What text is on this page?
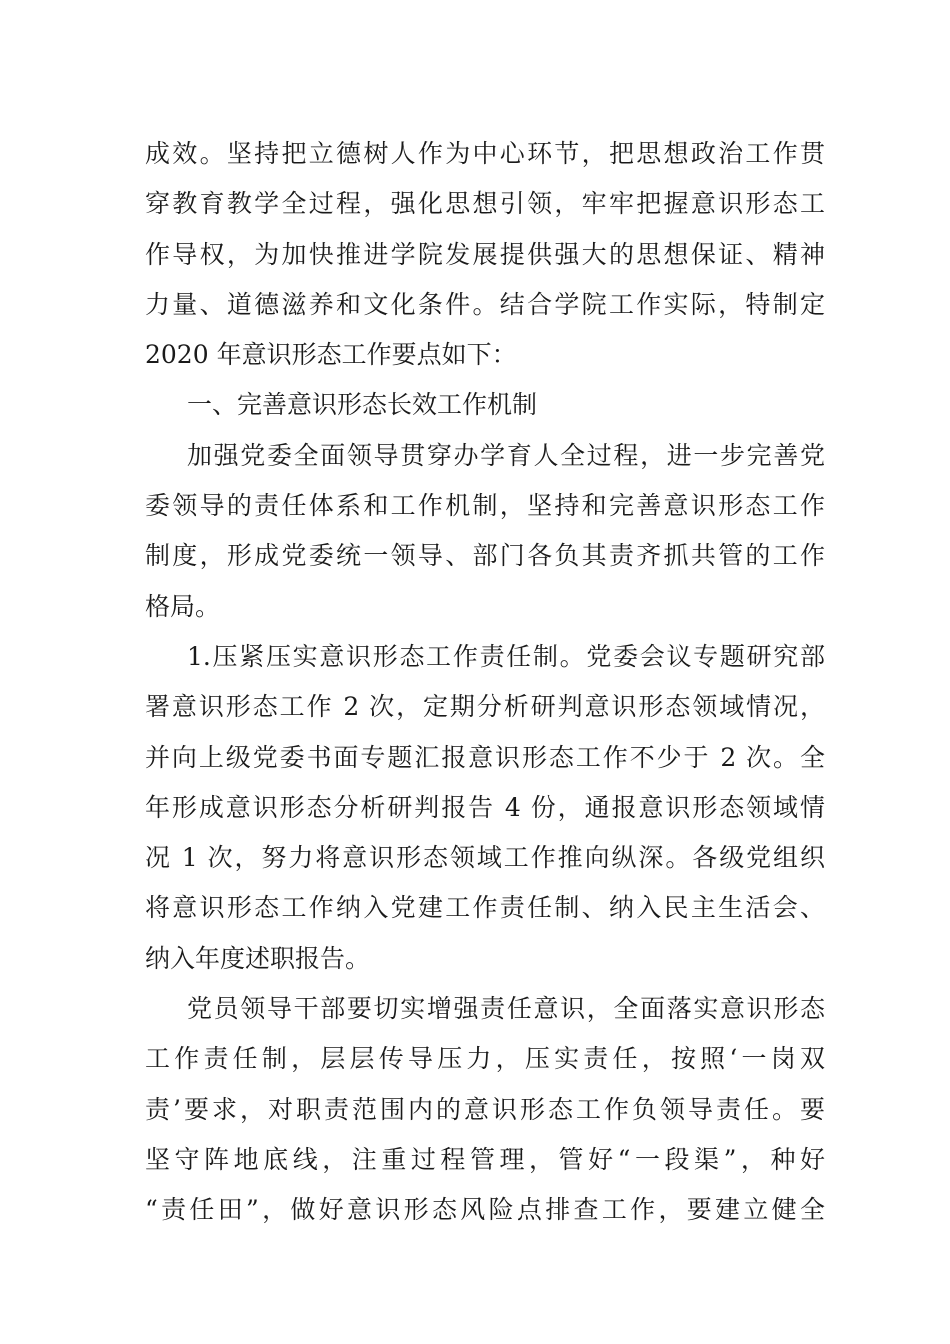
成效。坚持把立德树人作为中心环节，把思想政治工作贯
穿教育教学全过程，强化思想引领，牢牢把握意识形态工
作导权，为加快推进学院发展提供强大的思想保证、精神
力量、道德滋养和文化条件。结合学院工作实际，特制定
2020 年意识形态工作要点如下：
一、完善意识形态长效工作机制
加强党委全面领导贯穿办学育人全过程，进一步完善党
委领导的责任体系和工作机制，坚持和完善意识形态工作
制度，形成党委统一领导、部门各负其责齐抓共管的工作
格局。
1.压紧压实意识形态工作责任制。党委会议专题研究部
署意识形态工作 2 次，定期分析研判意识形态领域情况，
并向上级党委书面专题汇报意识形态工作不少于 2 次。全
年形成意识形态分析研判报告 4 份，通报意识形态领域情
况 1 次，努力将意识形态领域工作推向纵深。各级党组织
将意识形态工作纳入党建工作责任制、纳入民主生活会、
纳入年度述职报告。
党员领导干部要切实增强责任意识，全面落实意识形态
工作责任制，层层传导压力，压实责任，按照‘一岗双
责’要求，对职责范围内的意识形态工作负领导责任。要
坚守阵地底线，注重过程管理，管好“一段渠”，种好
“责任田”，做好意识形态风险点排查工作，要建立健全
